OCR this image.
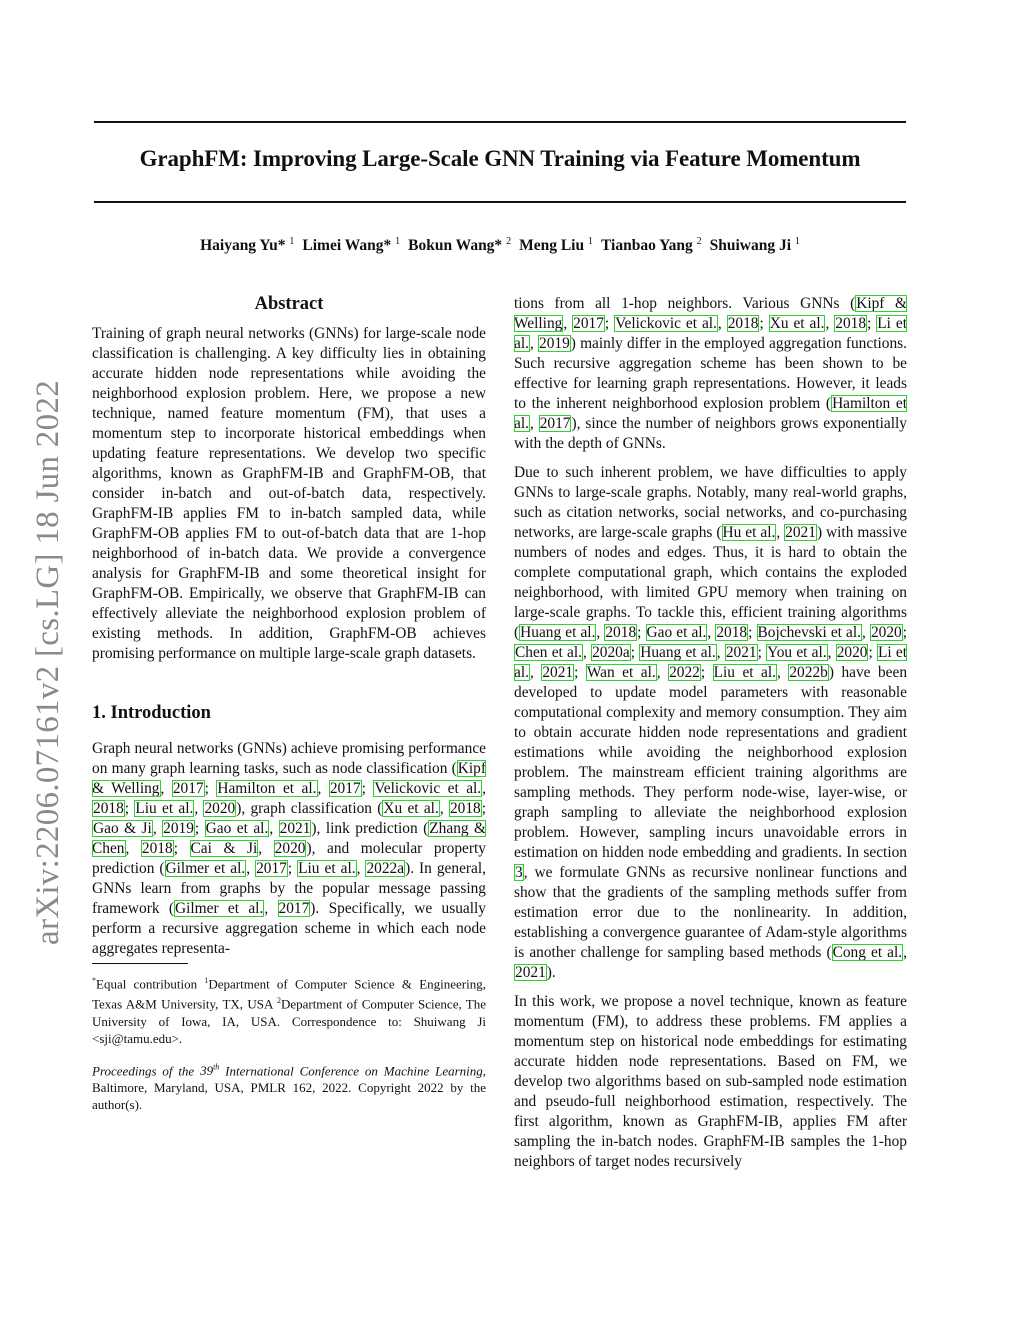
GraphFM: Improving Large-Scale GNN Training via Feature Momentum
Haiyang Yu* $^1$ Limei Wang* $^1$ Bokun Wang* $^2$ Meng Liu $^1$ Tianbao Yang $^2$ Shuiwang Ji $^1$
arXiv:2206.07161v2 [cs.LG] 18 Jun 2022
Abstract

Training of graph neural networks (GNNs) for large-scale node classification is challenging. A key difficulty lies in obtaining accurate hidden node representations while avoiding the neighborhood explosion problem. Here, we propose a new technique, named feature momentum (FM), that uses a momentum step to incorporate historical embeddings when updating feature representations. We develop two specific algorithms, known as GraphFM-IB and GraphFM-OB, that consider in-batch and out-of-batch data, respectively. GraphFM-IB applies FM to in-batch sampled data, while GraphFM-OB applies FM to out-of-batch data that are 1-hop neighborhood of in-batch data. We provide a convergence analysis for GraphFM-IB and some theoretical insight for GraphFM-OB. Empirically, we observe that GraphFM-IB can effectively alleviate the neighborhood explosion problem of existing methods. In addition, GraphFM-OB achieves promising performance on multiple large-scale graph datasets.

1. Introduction

Graph neural networks (GNNs) achieve promising performance on many graph learning tasks, such as node classification (Kipf & Welling, 2017; Hamilton et al., 2017; Velickovic et al., 2018; Liu et al., 2020), graph classification (Xu et al., 2018; Gao & Ji, 2019; Gao et al., 2021), link prediction (Zhang & Chen, 2018; Cai & Ji, 2020), and molecular property prediction (Gilmer et al., 2017; Liu et al., 2022a). In general, GNNs learn from graphs by the popular message passing framework (Gilmer et al., 2017). Specifically, we usually perform a recursive aggregation scheme in which each node aggregates representa-

*Equal contribution $^1$Department of Computer Science & Engineering, Texas A&M University, TX, USA $^2$Department of Computer Science, The University of Iowa, IA, USA. Correspondence to: Shuiwang Ji <sji@tamu.edu>.

Proceedings of the 39th International Conference on Machine Learning, Baltimore, Maryland, USA, PMLR 162, 2022. Copyright 2022 by the author(s).

tions from all 1-hop neighbors. Various GNNs (Kipf & Welling, 2017; Velickovic et al., 2018; Xu et al., 2018; Li et al., 2019) mainly differ in the employed aggregation functions. Such recursive aggregation scheme has been shown to be effective for learning graph representations. However, it leads to the inherent neighborhood explosion problem (Hamilton et al., 2017), since the number of neighbors grows exponentially with the depth of GNNs.

Due to such inherent problem, we have difficulties to apply GNNs to large-scale graphs. Notably, many real-world graphs, such as citation networks, social networks, and co-purchasing networks, are large-scale graphs (Hu et al., 2021) with massive numbers of nodes and edges. Thus, it is hard to obtain the complete computational graph, which contains the exploded neighborhood, with limited GPU memory when training on large-scale graphs. To tackle this, efficient training algorithms (Huang et al., 2018; Gao et al., 2018; Bojchevski et al., 2020; Chen et al., 2020a; Huang et al., 2021; You et al., 2020; Li et al., 2021; Wan et al., 2022; Liu et al., 2022b) have been developed to update model parameters with reasonable computational complexity and memory consumption. They aim to obtain accurate hidden node representations and gradient estimations while avoiding the neighborhood explosion problem. The mainstream efficient training algorithms are sampling methods. They perform node-wise, layer-wise, or graph sampling to alleviate the neighborhood explosion problem. However, sampling incurs unavoidable errors in estimation on hidden node embedding and gradients. In section 3, we formulate GNNs as recursive nonlinear functions and show that the gradients of the sampling methods suffer from estimation error due to the nonlinearity. In addition, establishing a convergence guarantee of Adam-style algorithms is another challenge for sampling based methods (Cong et al., 2021).

In this work, we propose a novel technique, known as feature momentum (FM), to address these problems. FM applies a momentum step on historical node embeddings for estimating accurate hidden node representations. Based on FM, we develop two algorithms based on sub-sampled node estimation and pseudo-full neighborhood estimation, respectively. The first algorithm, known as GraphFM-IB, applies FM after sampling the in-batch nodes. GraphFM-IB samples the 1-hop neighbors of target nodes recursively
